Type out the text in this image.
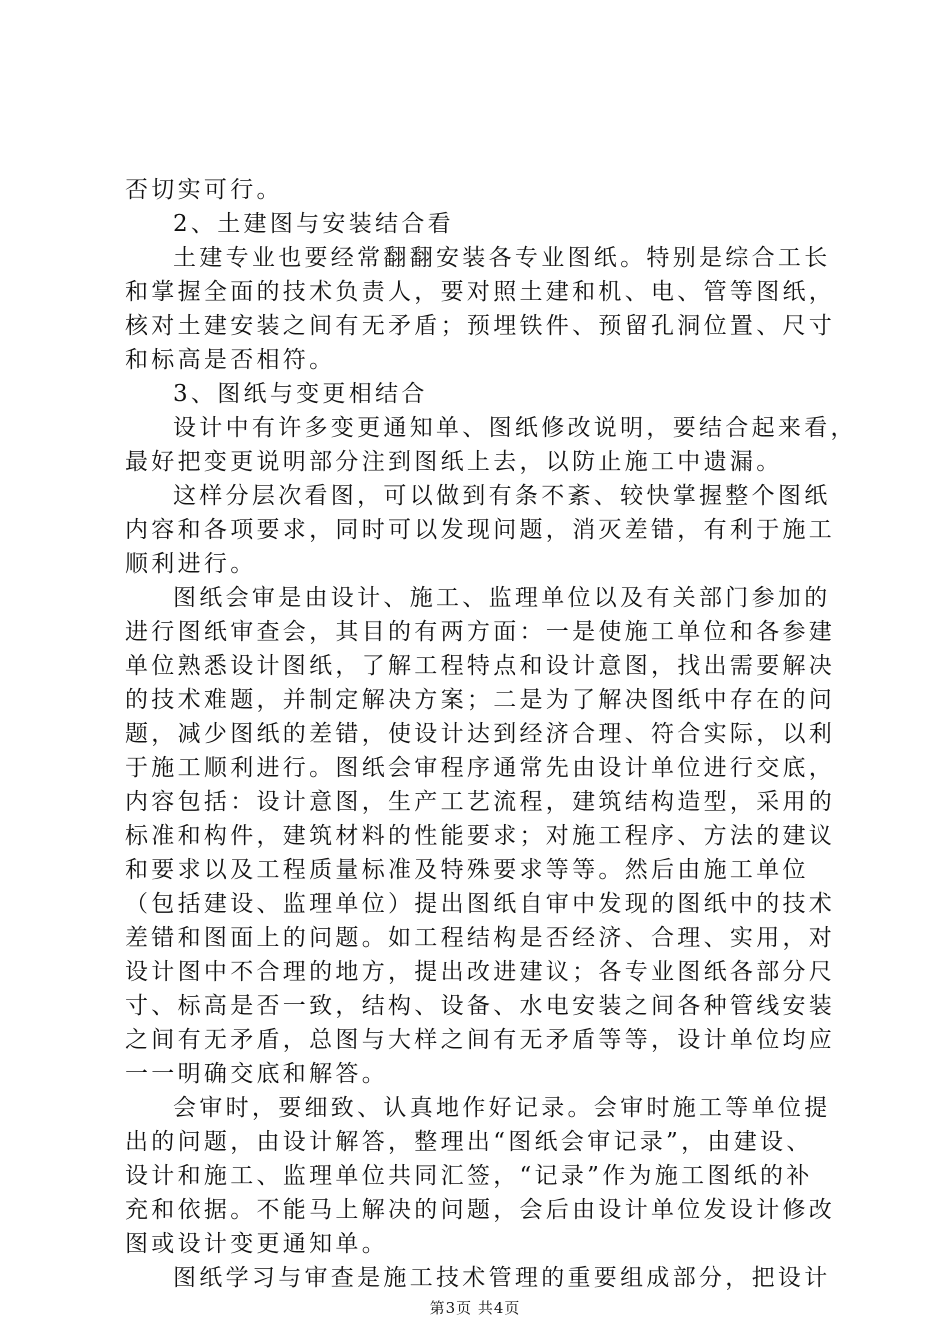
否切实可行。
2、土建图与安装结合看
土建专业也要经常翻翻安装各专业图纸。特别是综合工长
和掌握全面的技术负责人，要对照土建和机、电、管等图纸，
核对土建安装之间有无矛盾；预埋铁件、预留孔洞位置、尺寸
和标高是否相符。
3、图纸与变更相结合
设计中有许多变更通知单、图纸修改说明，要结合起来看，
最好把变更说明部分注到图纸上去，以防止施工中遗漏。
这样分层次看图，可以做到有条不紊、较快掌握整个图纸
内容和各项要求，同时可以发现问题，消灭差错，有利于施工
顺利进行。
图纸会审是由设计、施工、监理单位以及有关部门参加的
进行图纸审查会，其目的有两方面：一是使施工单位和各参建
单位熟悉设计图纸，了解工程特点和设计意图，找出需要解决
的技术难题，并制定解决方案；二是为了解决图纸中存在的问
题，减少图纸的差错，使设计达到经济合理、符合实际，以利
于施工顺利进行。图纸会审程序通常先由设计单位进行交底，
内容包括：设计意图，生产工艺流程，建筑结构造型，采用的
标准和构件，建筑材料的性能要求；对施工程序、方法的建议
和要求以及工程质量标准及特殊要求等等。然后由施工单位
（包括建设、监理单位）提出图纸自审中发现的图纸中的技术
差错和图面上的问题。如工程结构是否经济、合理、实用，对
设计图中不合理的地方，提出改进建议；各专业图纸各部分尺
寸、标高是否一致，结构、设备、水电安装之间各种管线安装
之间有无矛盾，总图与大样之间有无矛盾等等，设计单位均应
一一明确交底和解答。
会审时，要细致、认真地作好记录。会审时施工等单位提
出的问题，由设计解答，整理出“图纸会审记录”，由建设、
设计和施工、监理单位共同汇签，“记录”作为施工图纸的补
充和依据。不能马上解决的问题，会后由设计单位发设计修改
图或设计变更通知单。
图纸学习与审查是施工技术管理的重要组成部分，把设计
第3页 共4页
